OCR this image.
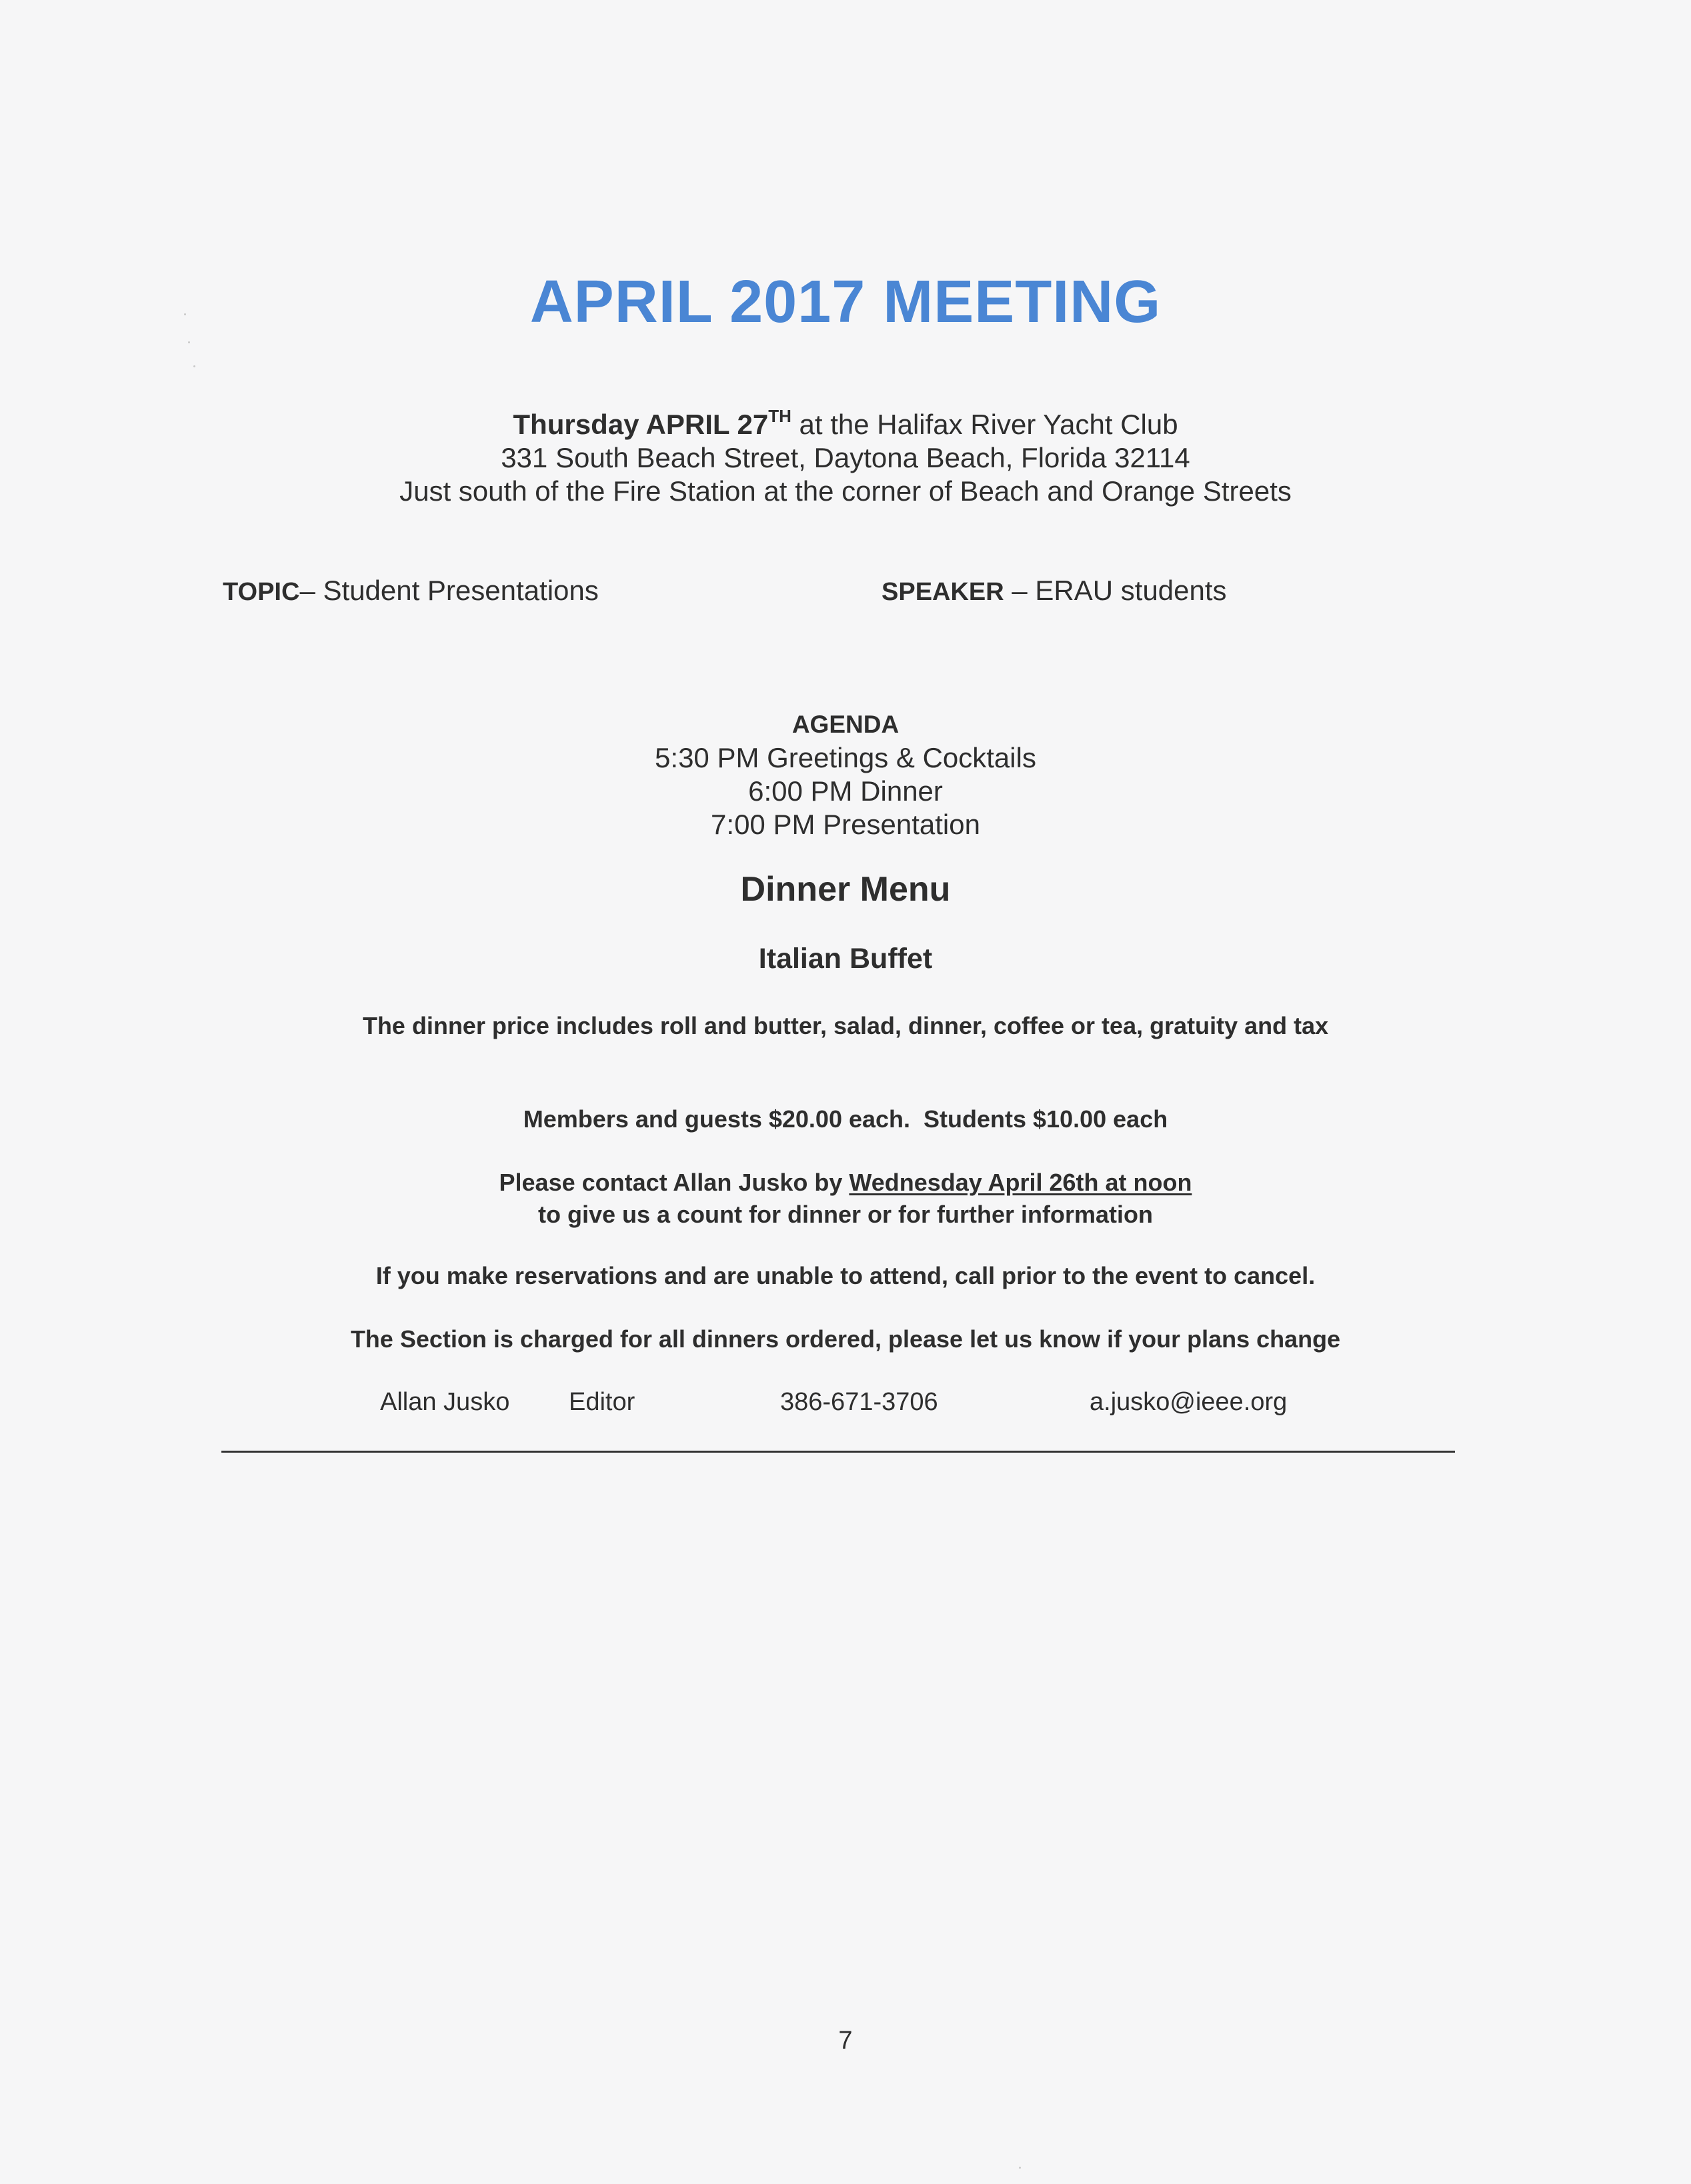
APRIL 2017 MEETING
Thursday APRIL 27TH at the Halifax River Yacht Club
331 South Beach Street, Daytona Beach, Florida 32114
Just south of the Fire Station at the corner of Beach and Orange Streets
TOPIC– Student Presentations	SPEAKER – ERAU students
AGENDA
5:30 PM Greetings & Cocktails
6:00 PM Dinner
7:00 PM Presentation
Dinner Menu
Italian Buffet
The dinner price includes roll and butter, salad, dinner, coffee or tea, gratuity and tax
Members and guests $20.00 each.  Students $10.00 each
Please contact Allan Jusko by Wednesday April 26th at noon
to give us a count for dinner or for further information
If you make reservations and are unable to attend, call prior to the event to cancel.
The Section is charged for all dinners ordered, please let us know if your plans change
Allan Jusko Editor	386-671-3706	a.jusko@ieee.org
7
